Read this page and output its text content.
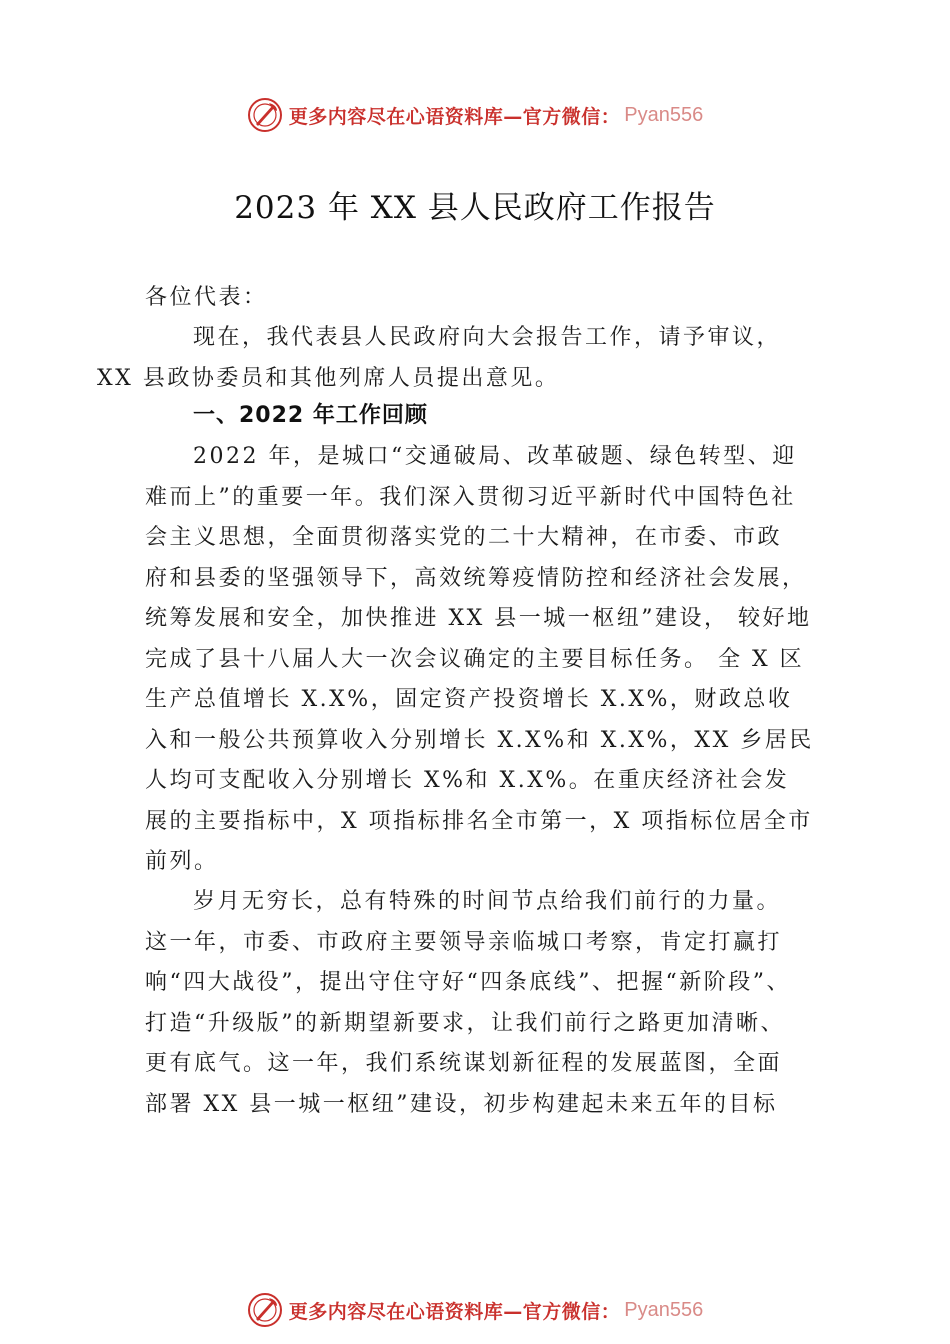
更多内容尽在心语资料库—官方微信： Pyan556
2023 年 XX 县人民政府工作报告
各位代表：
现在，我代表县人民政府向大会报告工作，请予审议，
XX 县政协委员和其他列席人员提出意见。
一、2022 年工作回顾
2022 年，是城口“交通破局、改革破题、绿色转型、迎
难而上”的重要一年。我们深入贯彻习近平新时代中国特色社
会主义思想，全面贯彻落实党的二十大精神，在市委、市政
府和县委的坚强领导下，高效统筹疫情防控和经济社会发展，
统筹发展和安全，加快推进 XX 县一城一枢纽”建设， 较好地
完成了县十八届人大一次会议确定的主要目标任务。 全 X 区
生产总值增长 X.X%，固定资产投资增长 X.X%，财政总收
入和一般公共预算收入分别增长 X.X%和 X.X%，XX 乡居民
人均可支配收入分别增长 X%和 X.X%。在重庆经济社会发
展的主要指标中，X 项指标排名全市第一，X 项指标位居全市
前列。
岁月无穷长，总有特殊的时间节点给我们前行的力量。
这一年，市委、市政府主要领导亲临城口考察，肯定打赢打
响“四大战役”，提出守住守好“四条底线”、把握“新阶段”、
打造“升级版”的新期望新要求，让我们前行之路更加清晰、
更有底气。这一年，我们系统谋划新征程的发展蓝图，全面
部署 XX 县一城一枢纽”建设，初步构建起未来五年的目标
更多内容尽在心语资料库—官方微信： Pyan556
